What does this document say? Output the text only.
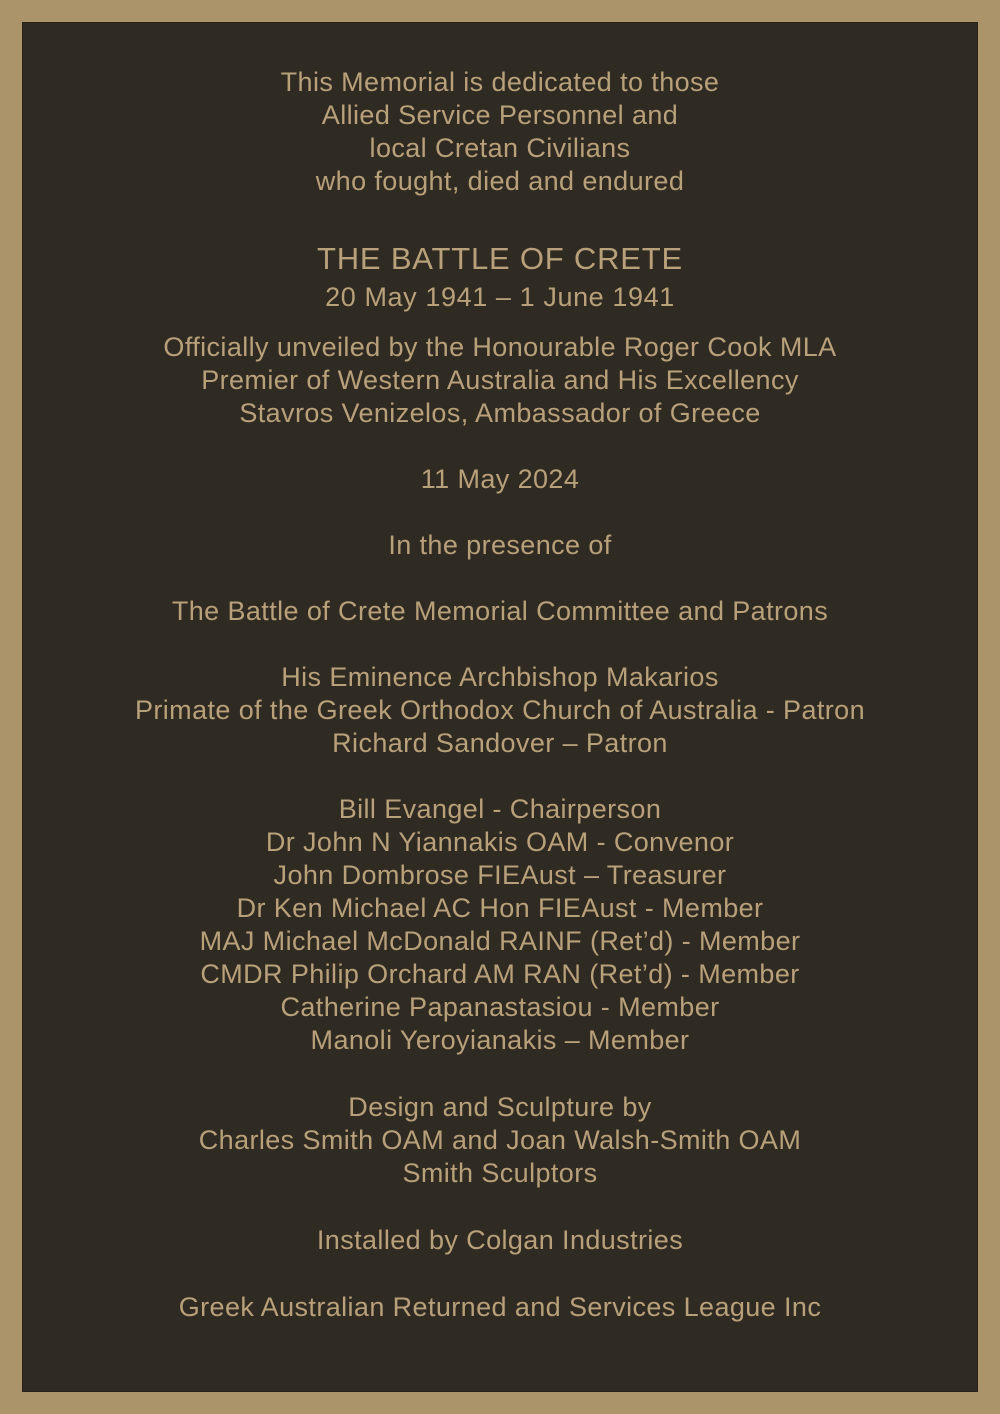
This Memorial is dedicated to those
Allied Service Personnel and
local Cretan Civilians
who fought, died and endured
THE BATTLE OF CRETE
20 May 1941 – 1 June 1941
Officially unveiled by the Honourable Roger Cook MLA
Premier of Western Australia and His Excellency
Stavros Venizelos, Ambassador of Greece
11 May 2024
In the presence of
The Battle of Crete Memorial Committee and Patrons
His Eminence Archbishop Makarios
Primate of the Greek Orthodox Church of Australia - Patron
Richard Sandover – Patron
Bill Evangel - Chairperson
Dr John N Yiannakis OAM - Convenor
John Dombrose FIEAust – Treasurer
Dr Ken Michael AC Hon FIEAust - Member
MAJ Michael McDonald RAINF (Ret’d) - Member
CMDR Philip Orchard AM RAN (Ret’d) - Member
Catherine Papanastasiou - Member
Manoli Yeroyianakis – Member
Design and Sculpture by
Charles Smith OAM and Joan Walsh-Smith OAM
Smith Sculptors
Installed by Colgan Industries
Greek Australian Returned and Services League Inc
